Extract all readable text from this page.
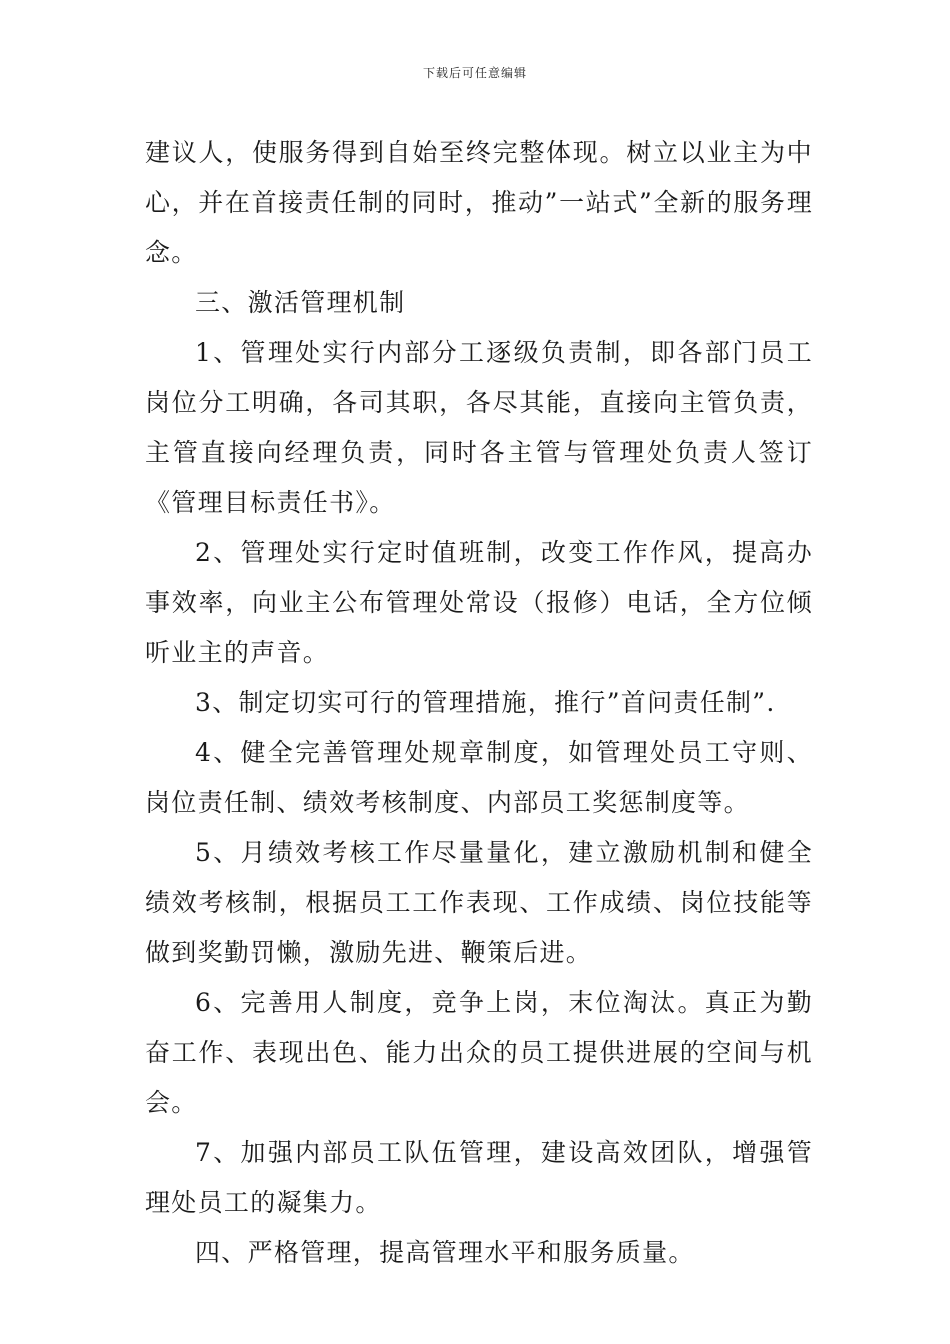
下载后可任意编辑

建议人，使服务得到自始至终完整体现。树立以业主为中心，并在首接责任制的同时，推动”一站式”全新的服务理念。

三、激活管理机制

1、管理处实行内部分工逐级负责制，即各部门员工岗位分工明确，各司其职，各尽其能，直接向主管负责，主管直接向经理负责，同时各主管与管理处负责人签订《管理目标责任书》。

2、管理处实行定时值班制，改变工作作风，提高办事效率，向业主公布管理处常设（报修）电话，全方位倾听业主的声音。

3、制定切实可行的管理措施，推行”首问责任制”.

4、健全完善管理处规章制度，如管理处员工守则、岗位责任制、绩效考核制度、内部员工奖惩制度等。

5、月绩效考核工作尽量量化，建立激励机制和健全绩效考核制，根据员工工作表现、工作成绩、岗位技能等做到奖勤罚懒，激励先进、鞭策后进。

6、完善用人制度，竞争上岗，末位淘汰。真正为勤奋工作、表现出色、能力出众的员工提供进展的空间与机会。

7、加强内部员工队伍管理，建设高效团队，增强管理处员工的凝集力。

四、严格管理，提高管理水平和服务质量。
